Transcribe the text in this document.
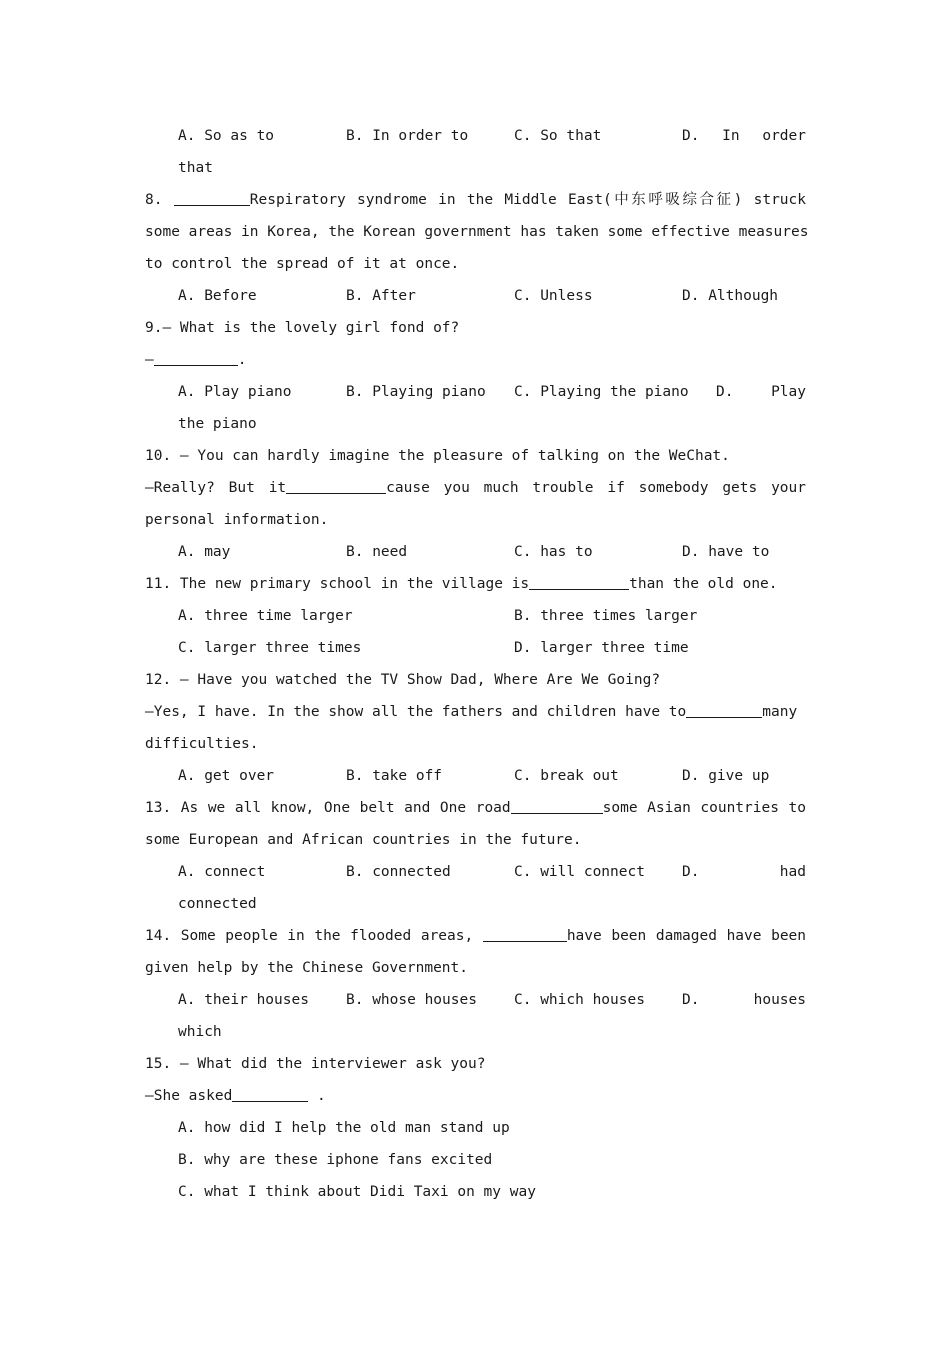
A. So as to

	B. In order to

	C. So that

	D. In order

that
8.	Respiratory syndrome in the Middle East(中东呼吸综合征) struck
some areas in Korea, the Korean government has taken some effective measures
to control the spread of it at once.

A. Before

	B. After

	C. Unless

	D. Although

9.— What is the lovely girl fond of?
—	.

A. Play piano

	B. Playing piano

C. Playing the piano

D. Play

the piano
10. — You can hardly imagine the pleasure of talking on the WeChat.
—Really? But it	cause you much trouble if somebody gets your
personal information.

A. may

	B. need

	C. has to

	D. have to

11. The new primary school in the village is	than the old one.

A. three time larger

	B. three times larger

C. larger three times

	D. larger three time

12. — Have you watched the TV Show Dad, Where Are We Going?
—Yes, I have. In the show all the fathers and children have to	many
difficulties.

A. get over

	B. take off

	C. break out

	D. give up

13. As we all know, One belt and One road	some Asian countries to
some European and African countries in the future.

A. connect

	B. connected

	C. will connect

	D. had

connected
14. Some people in the flooded areas,	have been damaged have been
given help by the Chinese Government.

A. their houses

	B. whose houses

	C. which houses

	D. houses

which
15. — What did the interviewer ask you?
—She asked	.
A. how did I help the old man stand up
B. why are these iphone fans excited
C. what I think about Didi Taxi on my way
